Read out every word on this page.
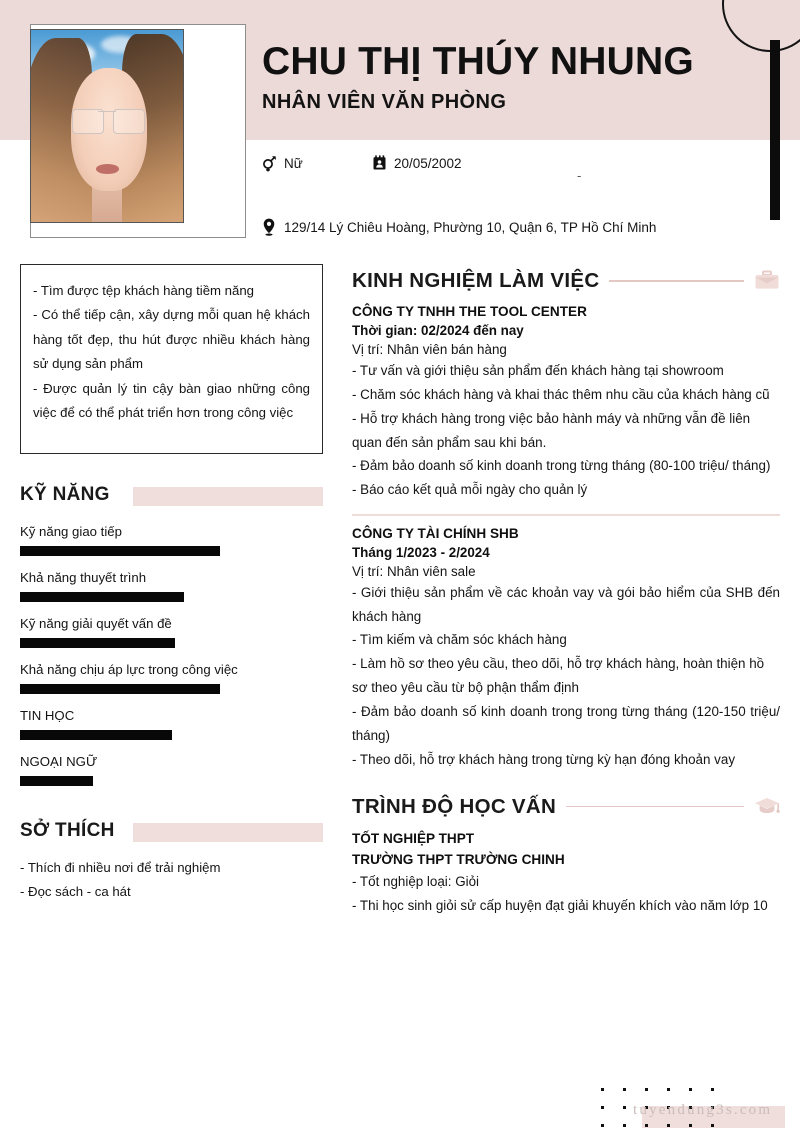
CHU THỊ THÚY NHUNG
NHÂN VIÊN VĂN PHÒNG
Nữ	20/05/2002
-
129/14 Lý Chiêu Hoàng, Phường 10, Quận 6, TP Hồ Chí Minh
- Tìm được tệp khách hàng tiềm năng
- Có thể tiếp cận, xây dựng mỗi quan hệ khách hàng tốt đẹp, thu hút được nhiều khách hàng sử dụng sản phẩm
- Được quản lý tin cậy bàn giao những công việc để có thể phát triển hơn trong công việc
KỸ NĂNG
Kỹ năng giao tiếp
Khả năng thuyết trình
Kỹ năng giải quyết vấn đề
Khả năng chịu áp lực trong công việc
TIN HỌC
NGOẠI NGỮ
SỞ THÍCH
- Thích đi nhiều nơi để trải nghiệm
- Đọc sách - ca hát
KINH NGHIỆM LÀM VIỆC
CÔNG TY TNHH THE TOOL CENTER
Thời gian: 02/2024 đến nay
Vị trí: Nhân viên bán hàng
- Tư vấn và giới thiệu sản phẩm đến khách hàng tại showroom
- Chăm sóc khách hàng và khai thác thêm nhu cầu của khách hàng cũ
- Hỗ trợ khách hàng trong việc bảo hành máy và những vẫn đề liên quan đến sản phẩm sau khi bán.
- Đảm bảo doanh số kinh doanh trong từng tháng (80-100 triệu/ tháng)
- Báo cáo kết quả mỗi ngày cho quản lý
CÔNG TY TÀI CHÍNH SHB
Tháng 1/2023 - 2/2024
Vị trí: Nhân viên sale
- Giới thiệu sản phẩm về các khoản vay và gói bảo hiểm của SHB đến khách hàng
- Tìm kiếm và chăm sóc khách hàng
- Làm hồ sơ theo yêu cầu, theo dõi, hỗ trợ khách hàng, hoàn thiện hồ sơ theo yêu cầu từ bộ phận thẩm định
- Đảm bảo doanh số kinh doanh trong trong từng tháng (120-150 triệu/ tháng)
- Theo dõi, hỗ trợ khách hàng trong từng kỳ hạn đóng khoản vay
TRÌNH ĐỘ HỌC VẤN
TỐT NGHIỆP THPT
TRƯỜNG THPT TRƯỜNG CHINH
- Tốt nghiệp loại: Giỏi
- Thi học sinh giỏi sử cấp huyện đạt giải khuyến khích vào năm lớp 10
tuyendung3s.com
